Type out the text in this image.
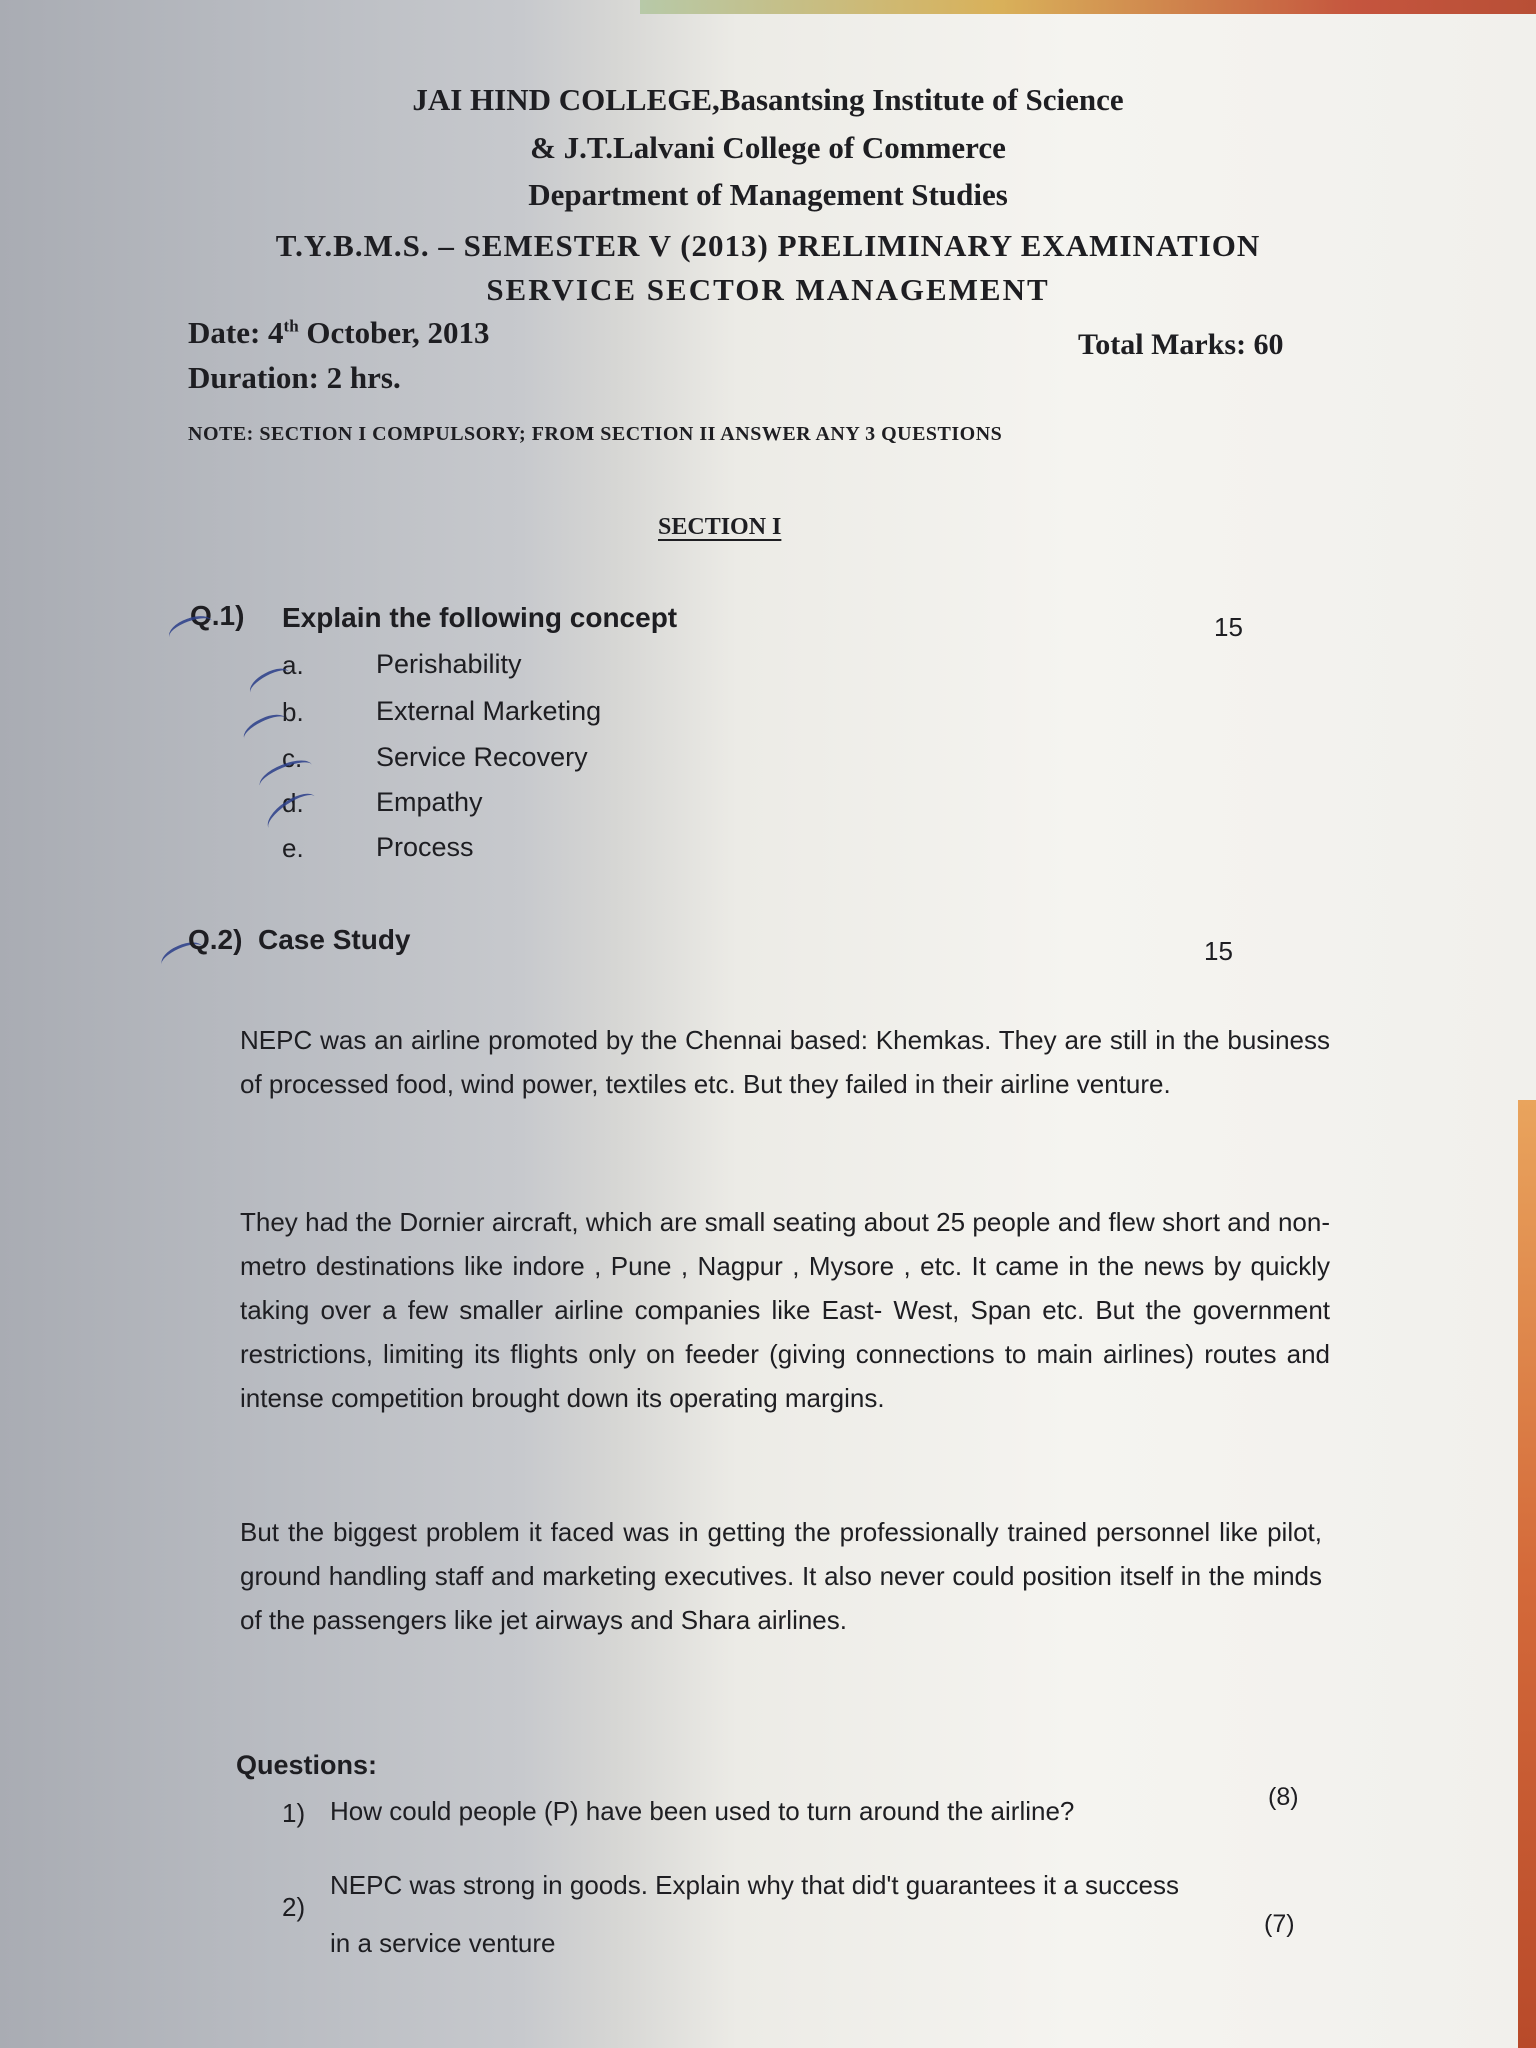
JAI HIND COLLEGE,Basantsing Institute of Science
& J.T.Lalvani College of Commerce
Department of Management Studies
T.Y.B.M.S. – SEMESTER V (2013) PRELIMINARY EXAMINATION
SERVICE SECTOR MANAGEMENT
Date: 4th October, 2013	Total Marks: 60
Duration: 2 hrs.
NOTE: SECTION I COMPULSORY; FROM SECTION II ANSWER ANY 3 QUESTIONS
SECTION I
Q.1) Explain the following concept	15
a.	Perishability
b.	External Marketing
c.	Service Recovery
d.	Empathy
e.	Process
Q.2) Case Study	15
NEPC was an airline promoted by the Chennai based: Khemkas. They are still in the business of processed food, wind power, textiles etc. But they failed in their airline venture.
They had the Dornier aircraft, which are small seating about 25 people and flew short and non-metro destinations like indore , Pune , Nagpur , Mysore , etc. It came in the news by quickly taking over a few smaller airline companies like East- West, Span etc. But the government restrictions, limiting its flights only on feeder (giving connections to main airlines) routes and intense competition brought down its operating margins.
But the biggest problem it faced was in getting the professionally trained personnel like pilot, ground handling staff and marketing executives. It also never could position itself in the minds of the passengers like jet airways and Shara airlines.
Questions:
1) How could people (P) have been used to turn around the airline?	(8)
2)
NEPC was strong in goods. Explain why that did't guarantees it a success
in a service venture
(7)
